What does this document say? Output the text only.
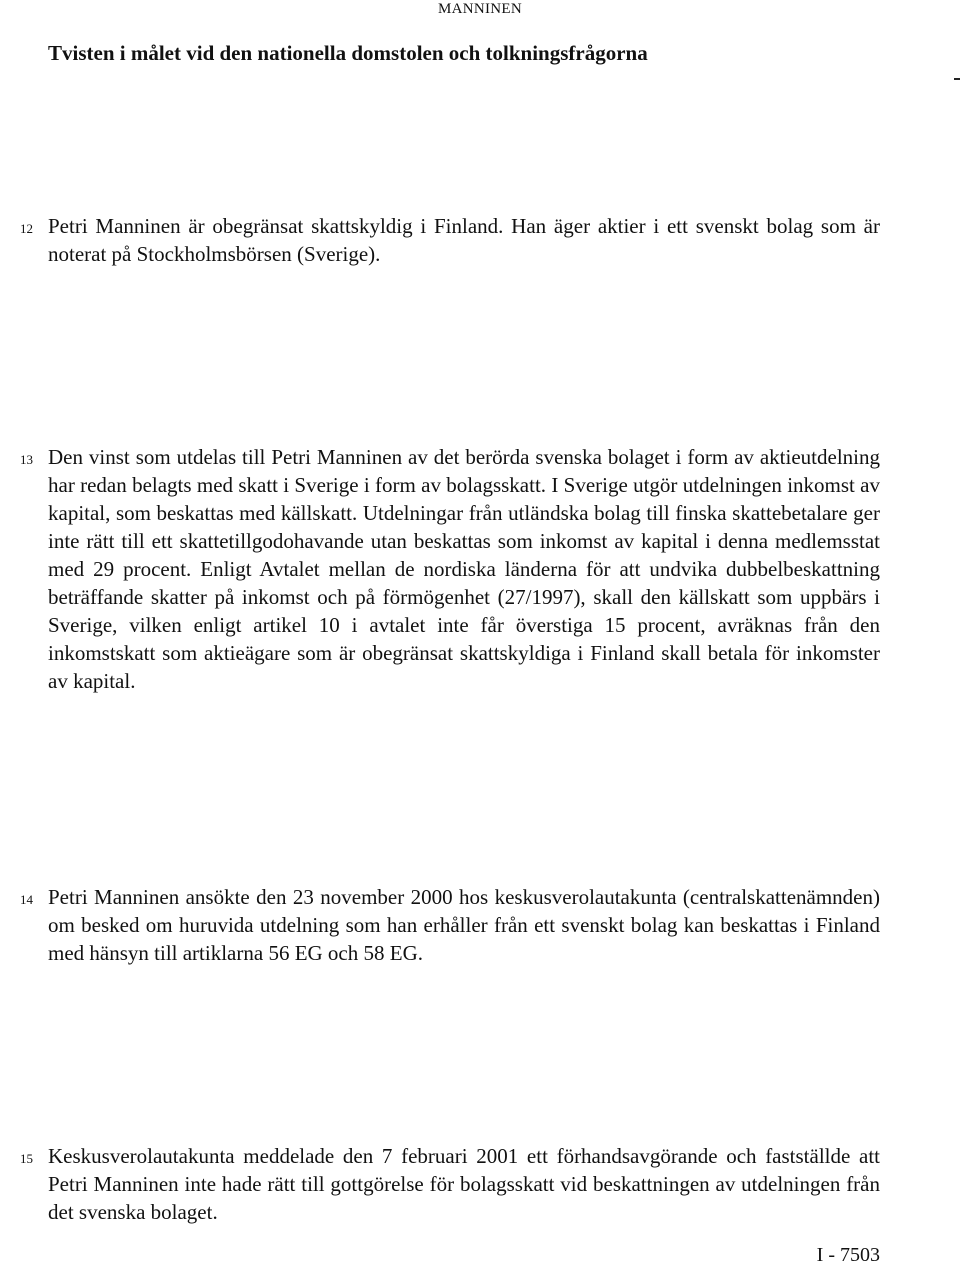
MANNINEN
Tvisten i målet vid den nationella domstolen och tolkningsfrågorna
12 Petri Manninen är obegränsat skattskyldig i Finland. Han äger aktier i ett svenskt bolag som är noterat på Stockholmsbörsen (Sverige).
13 Den vinst som utdelas till Petri Manninen av det berörda svenska bolaget i form av aktieutdelning har redan belagts med skatt i Sverige i form av bolagsskatt. I Sverige utgör utdelningen inkomst av kapital, som beskattas med källskatt. Utdelningar från utländska bolag till finska skattebetalare ger inte rätt till ett skattetillgodohavande utan beskattas som inkomst av kapital i denna medlemsstat med 29 procent. Enligt Avtalet mellan de nordiska länderna för att undvika dubbelbeskattning beträffande skatter på inkomst och på förmögenhet (27/1997), skall den källskatt som uppbärs i Sverige, vilken enligt artikel 10 i avtalet inte får överstiga 15 procent, avräknas från den inkomstskatt som aktieägare som är obegränsat skattskyldiga i Finland skall betala för inkomster av kapital.
14 Petri Manninen ansökte den 23 november 2000 hos keskusverolautakunta (centralskattenämnden) om besked om huruvida utdelning som han erhåller från ett svenskt bolag kan beskattas i Finland med hänsyn till artiklarna 56 EG och 58 EG.
15 Keskusverolautakunta meddelade den 7 februari 2001 ett förhandsavgörande och fastställde att Petri Manninen inte hade rätt till gottgörelse för bolagsskatt vid beskattningen av utdelningen från det svenska bolaget.
I - 7503
